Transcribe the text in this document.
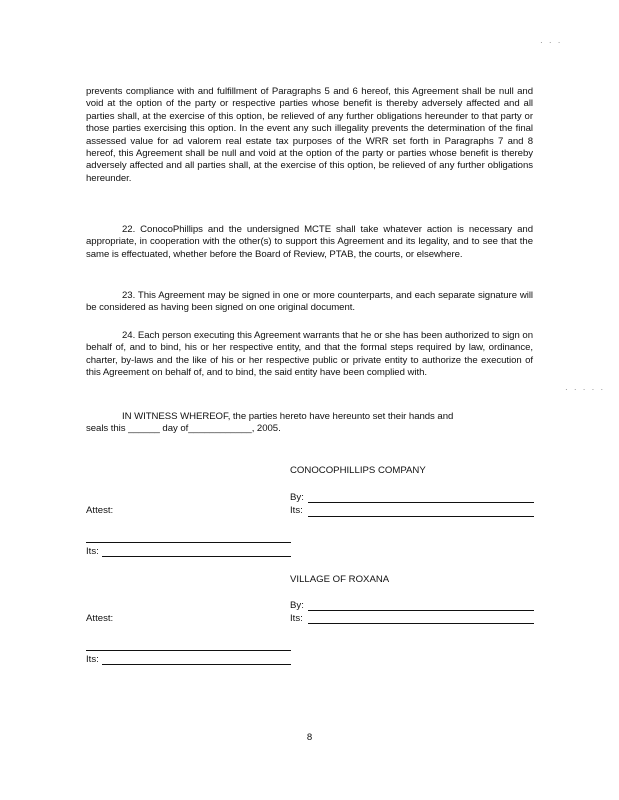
prevents compliance with and fulfillment of Paragraphs 5 and 6 hereof, this Agreement shall be null and void at the option of the party or respective parties whose benefit is thereby adversely affected and all parties shall, at the exercise of this option, be relieved of any further obligations hereunder to that party or those parties exercising this option. In the event any such illegality prevents the determination of the final assessed value for ad valorem real estate tax purposes of the WRR set forth in Paragraphs 7 and 8 hereof, this Agreement shall be null and void at the option of the party or parties whose benefit is thereby adversely affected and all parties shall, at the exercise of this option, be relieved of any further obligations hereunder.

22. ConocoPhillips and the undersigned MCTE shall take whatever action is necessary and appropriate, in cooperation with the other(s) to support this Agreement and its legality, and to see that the same is effectuated, whether before the Board of Review, PTAB, the courts, or elsewhere.

23. This Agreement may be signed in one or more counterparts, and each separate signature will be considered as having been signed on one original document.

24. Each person executing this Agreement warrants that he or she has been authorized to sign on behalf of, and to bind, his or her respective entity, and that the formal steps required by law, ordinance, charter, by-laws and the like of his or her respective public or private entity to authorize the execution of this Agreement on behalf of, and to bind, the said entity have been complied with.

IN WITNESS WHEREOF, the parties hereto have hereunto set their hands and

seals this ______ day of____________, 2005.

CONOCOPHILLIPS COMPANY
By:
Its:
Attest:
Its:
VILLAGE OF ROXANA
By:
Its:
Attest:
Its:
8
· · ·
· · · · ·
